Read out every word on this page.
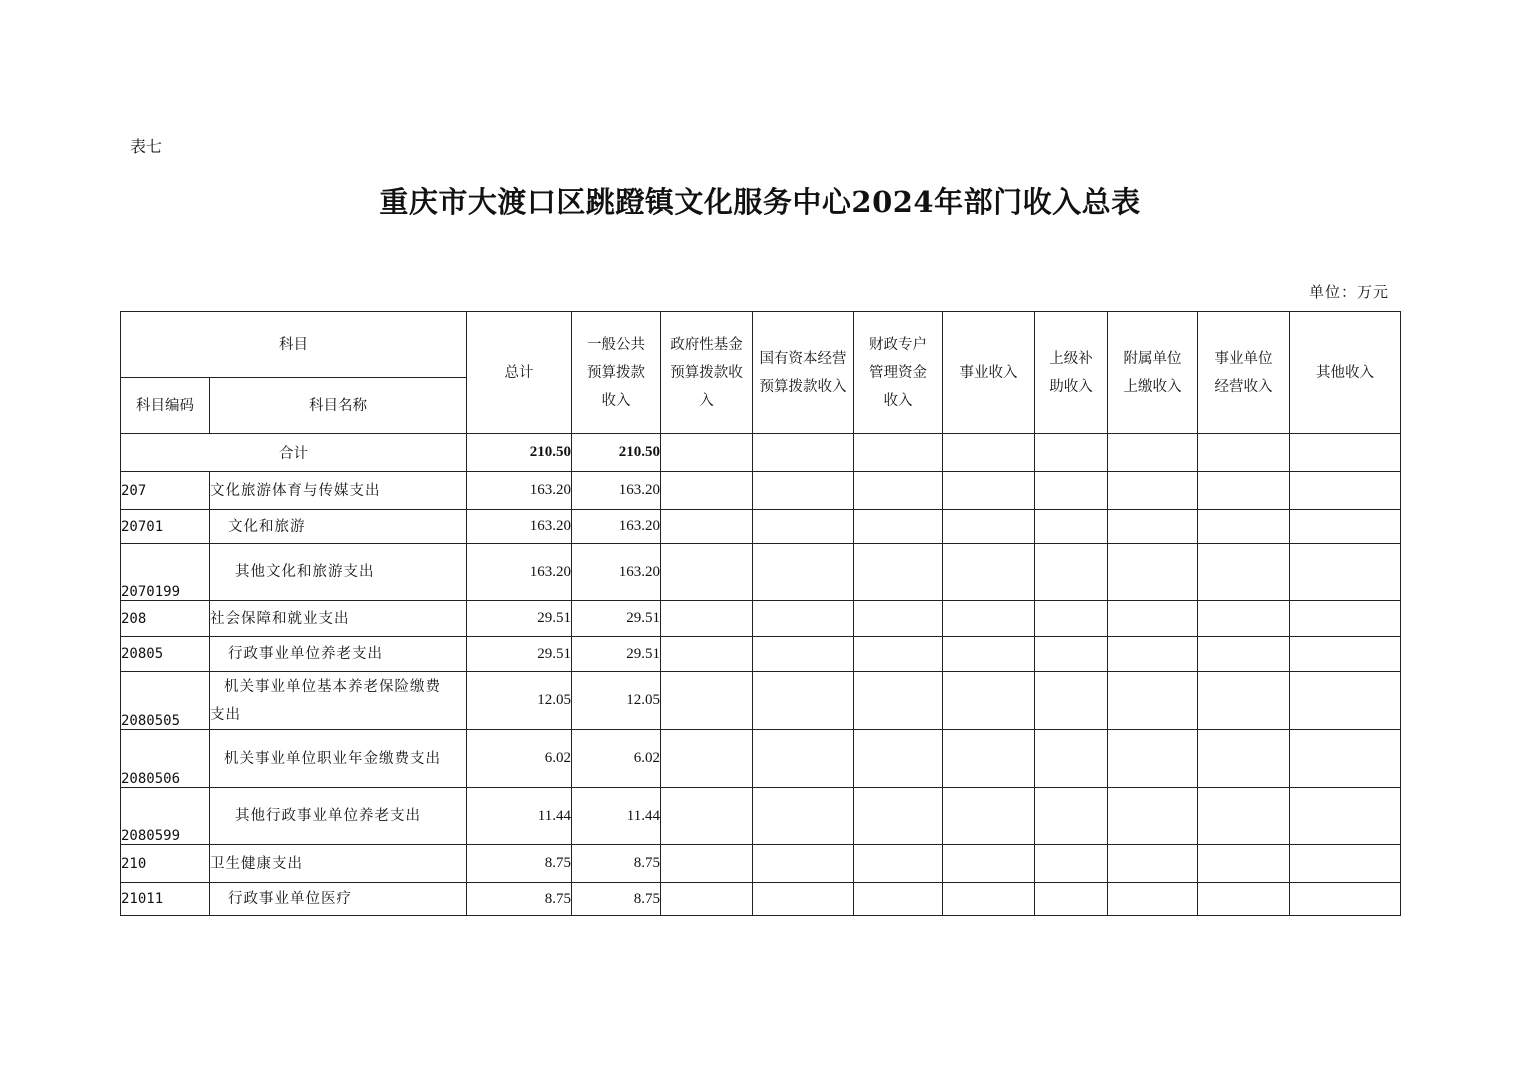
表七
重庆市大渡口区跳蹬镇文化服务中心2024年部门收入总表
单位：万元
科目		总计	一般公共预算拨款收入	政府性基金预算拨款收入	国有资本经营预算拨款收入	财政专户管理资金收入	事业收入	上级补助收入	附属单位上缴收入	事业单位经营收入	其他收入
科目编码	科目名称										
合计		210.50	210.50								
207	文化旅游体育与传媒支出	163.20	163.20								
20701	文化和旅游	163.20	163.20								
2070199	其他文化和旅游支出	163.20	163.20								
208	社会保障和就业支出	29.51	29.51								
20805	行政事业单位养老支出	29.51	29.51								
2080505	机关事业单位基本养老保险缴费支出	12.05	12.05								
2080506	机关事业单位职业年金缴费支出	6.02	6.02								
2080599	其他行政事业单位养老支出	11.44	11.44								
210	卫生健康支出	8.75	8.75								
21011	行政事业单位医疗	8.75	8.75								
